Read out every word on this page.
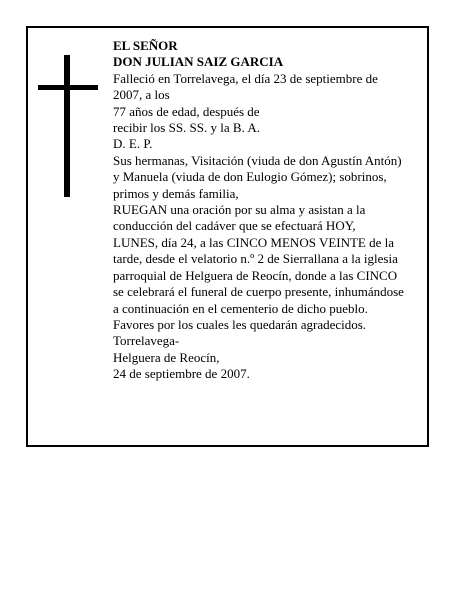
EL SEÑOR
DON JULIAN SAIZ GARCIA
Falleció en Torrelavega, el día 23 de septiembre de
2007, a los
77 años de edad, después de
recibir los SS. SS. y la B. A.
D. E. P.
Sus hermanas, Visitación (viuda de don Agustín Antón)
y Manuela (viuda de don Eulogio Gómez); sobrinos,
primos y demás familia,
RUEGAN una oración por su alma y asistan a la
conducción del cadáver que se efectuará HOY,
LUNES, día 24, a las CINCO MENOS VEINTE de la
tarde, desde el velatorio n.º 2 de Sierrallana a la iglesia
parroquial de Helguera de Reocín, donde a las CINCO
se celebrará el funeral de cuerpo presente, inhumándose
a continuación en el cementerio de dicho pueblo.
Favores por los cuales les quedarán agradecidos.
Torrelavega-
Helguera de Reocín,
24 de septiembre de 2007.
